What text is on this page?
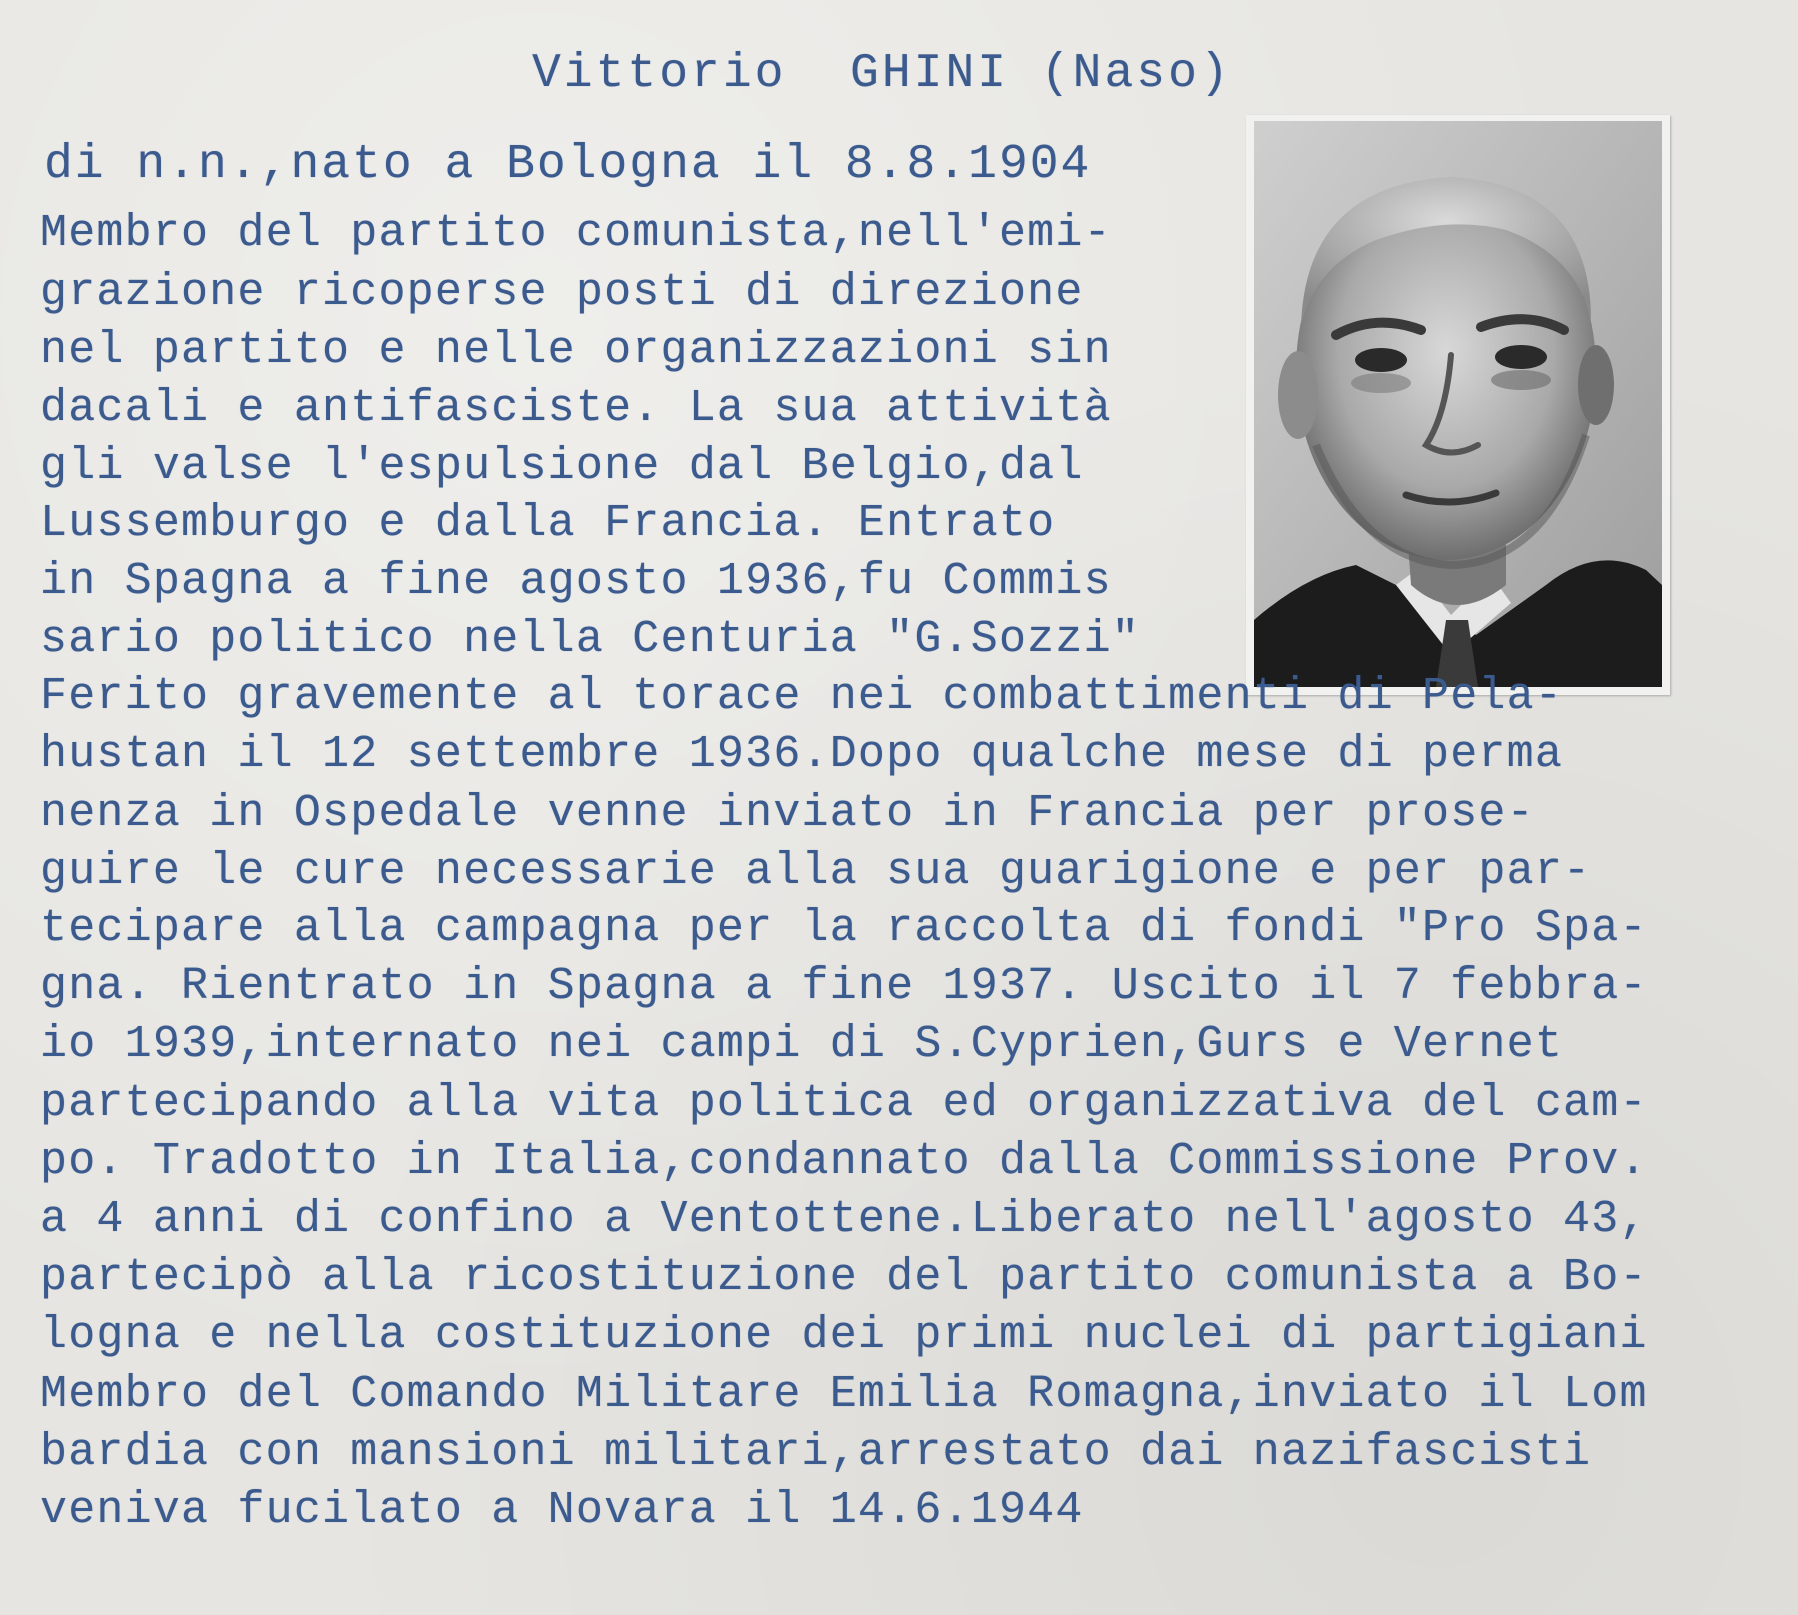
Vittorio  GHINI (Naso)
di n.n.,nato a Bologna il 8.8.1904
Membro del partito comunista,nell'emi-
grazione ricoperse posti di direzione
nel partito e nelle organizzazioni sin
dacali e antifasciste. La sua attività
gli valse l'espulsione dal Belgio,dal
Lussemburgo e dalla Francia. Entrato
in Spagna a fine agosto 1936,fu Commis
sario politico nella Centuria "G.Sozzi"
Ferito gravemente al torace nei combattimenti di Pela-
hustan il 12 settembre 1936.Dopo qualche mese di perma
nenza in Ospedale venne inviato in Francia per prose-
guire le cure necessarie alla sua guarigione e per par-
tecipare alla campagna per la raccolta di fondi "Pro Spa-
gna. Rientrato in Spagna a fine 1937. Uscito il 7 febbra-
io 1939,internato nei campi di S.Cyprien,Gurs e Vernet
partecipando alla vita politica ed organizzativa del cam-
po. Tradotto in Italia,condannato dalla Commissione Prov.
a 4 anni di confino a Ventottene.Liberato nell'agosto 43,
partecipò alla ricostituzione del partito comunista a Bo-
logna e nella costituzione dei primi nuclei di partigiani
Membro del Comando Militare Emilia Romagna,inviato il Lom
bardia con mansioni militari,arrestato dai nazifascisti
veniva fucilato a Novara il 14.6.1944
